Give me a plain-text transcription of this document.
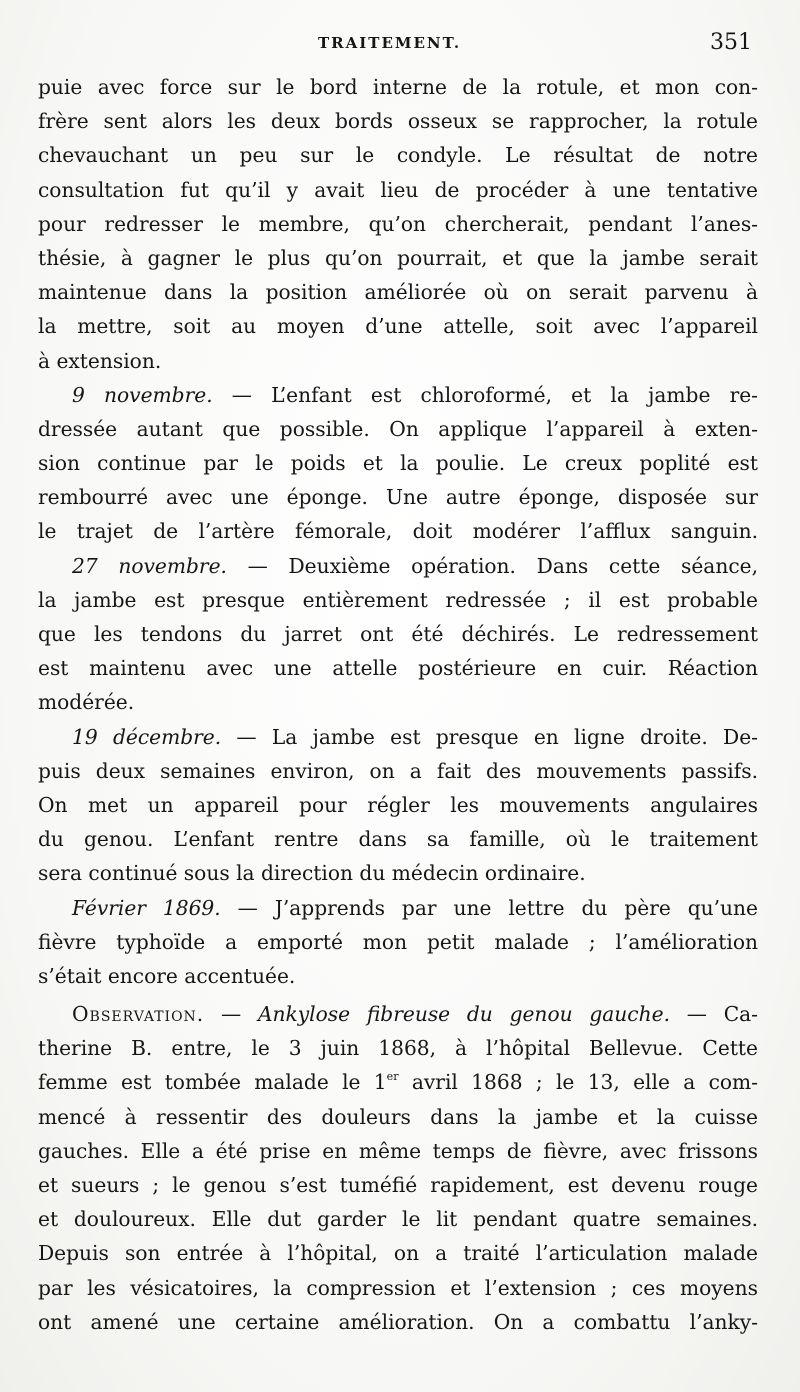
TRAITEMENT.	351
puie avec force sur le bord interne de la rotule, et mon con-
frère sent alors les deux bords osseux se rapprocher, la rotule
chevauchant un peu sur le condyle. Le résultat de notre
consultation fut qu’il y avait lieu de procéder à une tentative
pour redresser le membre, qu’on chercherait, pendant l’anes-
thésie, à gagner le plus qu’on pourrait, et que la jambe serait
maintenue dans la position améliorée où on serait parvenu à
la mettre, soit au moyen d’une attelle, soit avec l’appareil
à extension.
9 novembre. — L’enfant est chloroformé, et la jambe re-
dressée autant que possible. On applique l’appareil à exten-
sion continue par le poids et la poulie. Le creux poplité est
rembourré avec une éponge. Une autre éponge, disposée sur
le trajet de l’artère fémorale, doit modérer l’afflux sanguin.
27 novembre. — Deuxième opération. Dans cette séance,
la jambe est presque entièrement redressée ; il est probable
que les tendons du jarret ont été déchirés. Le redressement
est maintenu avec une attelle postérieure en cuir. Réaction
modérée.
19 décembre. — La jambe est presque en ligne droite. De-
puis deux semaines environ, on a fait des mouvements passifs.
On met un appareil pour régler les mouvements angulaires
du genou. L’enfant rentre dans sa famille, où le traitement
sera continué sous la direction du médecin ordinaire.
Février 1869. — J’apprends par une lettre du père qu’une
fièvre typhoïde a emporté mon petit malade ; l’amélioration
s’était encore accentuée.
Observation. — Ankylose fibreuse du genou gauche. — Ca-
therine B. entre, le 3 juin 1868, à l’hôpital Bellevue. Cette
femme est tombée malade le 1er avril 1868 ; le 13, elle a com-
mencé à ressentir des douleurs dans la jambe et la cuisse
gauches. Elle a été prise en même temps de fièvre, avec frissons
et sueurs ; le genou s’est tuméfié rapidement, est devenu rouge
et douloureux. Elle dut garder le lit pendant quatre semaines.
Depuis son entrée à l’hôpital, on a traité l’articulation malade
par les vésicatoires, la compression et l’extension ; ces moyens
ont amené une certaine amélioration. On a combattu l’anky-
